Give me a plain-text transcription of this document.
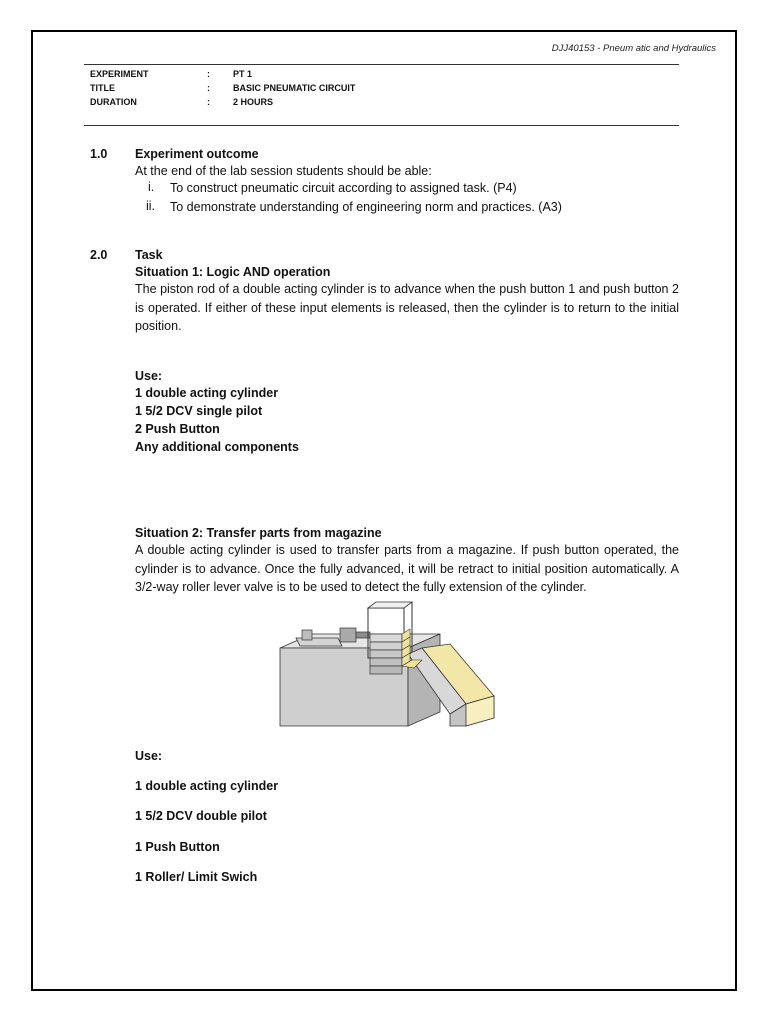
DJJ40153 - Pneum atic and Hydraulics
EXPERIMENT	:	PT 1
TITLE	:	BASIC PNEUMATIC CIRCUIT
DURATION	:	2 HOURS
1.0 Experiment outcome
At the end of the lab session students should be able:
i. To construct pneumatic circuit according to assigned task. (P4)
ii. To demonstrate understanding of engineering norm and practices. (A3)
2.0 Task
Situation 1: Logic AND operation
The piston rod of a double acting cylinder is to advance when the push button 1 and push button 2 is operated. If either of these input elements is released, then the cylinder is to return to the initial position.
Use:
1 double acting cylinder
1 5/2 DCV single pilot
2 Push Button
Any additional components
Situation 2: Transfer parts from magazine
A double acting cylinder is used to transfer parts from a magazine. If push button operated, the cylinder is to advance. Once the fully advanced, it will be retract to initial position automatically. A 3/2-way roller lever valve is to be used to detect the fully extension of the cylinder.
Use:
1 double acting cylinder
1 5/2 DCV double pilot
1 Push Button
1 Roller/ Limit Swich
